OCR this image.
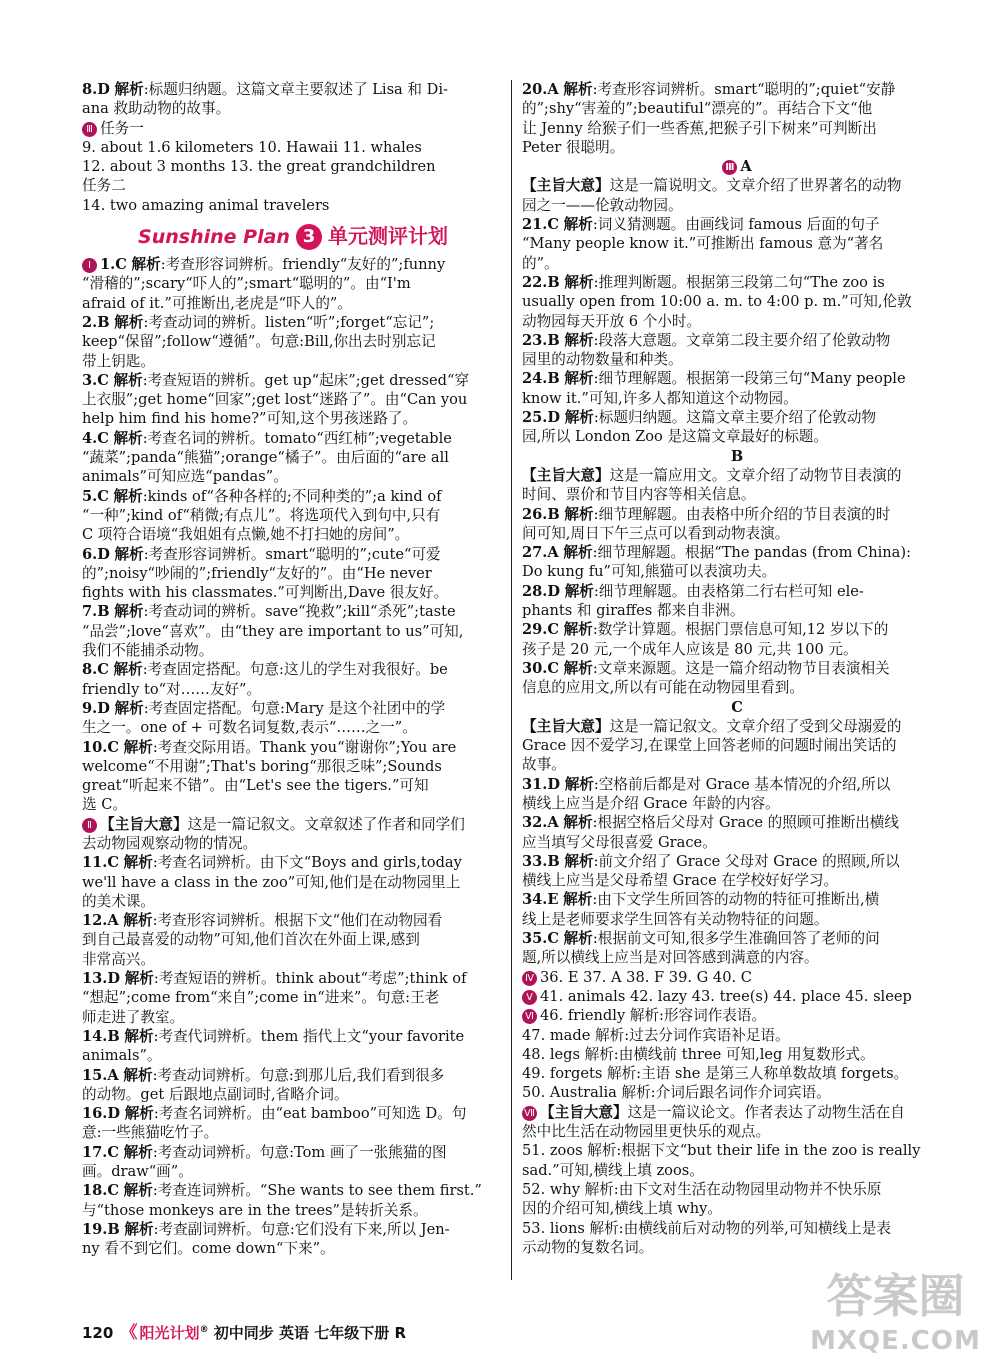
8.D 解析:标题归纳题。这篇文章主要叙述了 Lisa 和 Di-
ana 救助动物的故事。
Ⅲ 任务一
9. about 1.6 kilometers 10. Hawaii 11. whales
12. about 3 months 13. the great grandchildren
任务二
14. two amazing animal travelers
Sunshine Plan 3 单元测评计划
Ⅰ 1.C 解析:考查形容词辨析。friendly“友好的”;funny
“滑稽的”;scary“吓人的”;smart“聪明的”。由“I'm
afraid of it.”可推断出,老虎是“吓人的”。
2.B 解析:考查动词的辨析。listen“听”;forget“忘记”;
keep“保留”;follow“遵循”。句意:Bill,你出去时别忘记
带上钥匙。
3.C 解析:考查短语的辨析。get up“起床”;get dressed“穿
上衣服”;get home“回家”;get lost“迷路了”。由“Can you
help him find his home?”可知,这个男孩迷路了。
4.C 解析:考查名词的辨析。tomato“西红柿”;vegetable
“蔬菜”;panda“熊猫”;orange“橘子”。由后面的“are all
animals”可知应选“pandas”。
5.C 解析:kinds of“各种各样的;不同种类的”;a kind of
“一种”;kind of“稍微;有点儿”。将选项代入到句中,只有
C 项符合语境“我姐姐有点懒,她不打扫她的房间”。
6.D 解析:考查形容词辨析。smart“聪明的”;cute“可爱
的”;noisy“吵闹的”;friendly“友好的”。由“He never
fights with his classmates.”可判断出,Dave 很友好。
7.B 解析:考查动词的辨析。save“挽救”;kill“杀死”;taste
“品尝”;love“喜欢”。由“they are important to us”可知,
我们不能捕杀动物。
8.C 解析:考查固定搭配。句意:这儿的学生对我很好。be
friendly to“对……友好”。
9.D 解析:考查固定搭配。句意:Mary 是这个社团中的学
生之一。one of + 可数名词复数,表示“……之一”。
10.C 解析:考查交际用语。Thank you“谢谢你”;You are
welcome“不用谢”;That's boring“那很乏味”;Sounds
great“听起来不错”。由“Let's see the tigers.”可知
选 C。
Ⅱ 【主旨大意】这是一篇记叙文。文章叙述了作者和同学们
去动物园观察动物的情况。
11.C 解析:考查名词辨析。由下文“Boys and girls,today
we'll have a class in the zoo”可知,他们是在动物园里上
的美术课。
12.A 解析:考查形容词辨析。根据下文“他们在动物园看
到自己最喜爱的动物”可知,他们首次在外面上课,感到
非常高兴。
13.D 解析:考查短语的辨析。think about“考虑”;think of
“想起”;come from“来自”;come in“进来”。句意:王老
师走进了教室。
14.B 解析:考查代词辨析。them 指代上文“your favorite
animals”。
15.A 解析:考查动词辨析。句意:到那儿后,我们看到很多
的动物。get 后跟地点副词时,省略介词。
16.D 解析:考查名词辨析。由“eat bamboo”可知选 D。句
意:一些熊猫吃竹子。
17.C 解析:考查动词辨析。句意:Tom 画了一张熊猫的图
画。draw“画”。
18.C 解析:考查连词辨析。“She wants to see them first.”
与“those monkeys are in the trees”是转折关系。
19.B 解析:考查副词辨析。句意:它们没有下来,所以 Jen-
ny 看不到它们。come down“下来”。
20.A 解析:考查形容词辨析。smart“聪明的”;quiet“安静
的”;shy“害羞的”;beautiful“漂亮的”。再结合下文“他
让 Jenny 给猴子们一些香蕉,把猴子引下树来”可判断出
Peter 很聪明。
Ⅲ A
【主旨大意】这是一篇说明文。文章介绍了世界著名的动物
园之一——伦敦动物园。
21.C 解析:词义猜测题。由画线词 famous 后面的句子
“Many people know it.”可推断出 famous 意为“著名
的”。
22.B 解析:推理判断题。根据第三段第二句“The zoo is
usually open from 10:00 a. m. to 4:00 p. m.”可知,伦敦
动物园每天开放 6 个小时。
23.B 解析:段落大意题。文章第二段主要介绍了伦敦动物
园里的动物数量和种类。
24.B 解析:细节理解题。根据第一段第三句“Many people
know it.”可知,许多人都知道这个动物园。
25.D 解析:标题归纳题。这篇文章主要介绍了伦敦动物
园,所以 London Zoo 是这篇文章最好的标题。
B
【主旨大意】这是一篇应用文。文章介绍了动物节目表演的
时间、票价和节目内容等相关信息。
26.B 解析:细节理解题。由表格中所介绍的节目表演的时
间可知,周日下午三点可以看到动物表演。
27.A 解析:细节理解题。根据“The pandas (from China):
Do kung fu”可知,熊猫可以表演功夫。
28.D 解析:细节理解题。由表格第二行右栏可知 ele-
phants 和 giraffes 都来自非洲。
29.C 解析:数学计算题。根据门票信息可知,12 岁以下的
孩子是 20 元,一个成年人应该是 80 元,共 100 元。
30.C 解析:文章来源题。这是一篇介绍动物节目表演相关
信息的应用文,所以有可能在动物园里看到。
C
【主旨大意】这是一篇记叙文。文章介绍了受到父母溺爱的
Grace 因不爱学习,在课堂上回答老师的问题时闹出笑话的
故事。
31.D 解析:空格前后都是对 Grace 基本情况的介绍,所以
横线上应当是介绍 Grace 年龄的内容。
32.A 解析:根据空格后父母对 Grace 的照顾可推断出横线
应当填写父母很喜爱 Grace。
33.B 解析:前文介绍了 Grace 父母对 Grace 的照顾,所以
横线上应当是父母希望 Grace 在学校好好学习。
34.E 解析:由下文学生所回答的动物的特征可推断出,横
线上是老师要求学生回答有关动物特征的问题。
35.C 解析:根据前文可知,很多学生准确回答了老师的问
题,所以横线上应当是对回答感到满意的内容。
Ⅳ 36. E 37. A 38. F 39. G 40. C
Ⅴ 41. animals 42. lazy 43. tree(s) 44. place 45. sleep
Ⅵ 46. friendly 解析:形容词作表语。
47. made 解析:过去分词作宾语补足语。
48. legs 解析:由横线前 three 可知,leg 用复数形式。
49. forgets 解析:主语 she 是第三人称单数故填 forgets。
50. Australia 解析:介词后跟名词作介词宾语。
Ⅶ 【主旨大意】这是一篇议论文。作者表达了动物生活在自
然中比生活在动物园里更快乐的观点。
51. zoos 解析:根据下文“but their life in the zoo is really
sad.”可知,横线上填 zoos。
52. why 解析:由下文对生活在动物园里动物并不快乐原
因的介绍可知,横线上填 why。
53. lions 解析:由横线前后对动物的列举,可知横线上是表
示动物的复数名词。
120 《 阳光计划® 初中同步 英语 七年级下册 R
答案圈
MXQE.COM
